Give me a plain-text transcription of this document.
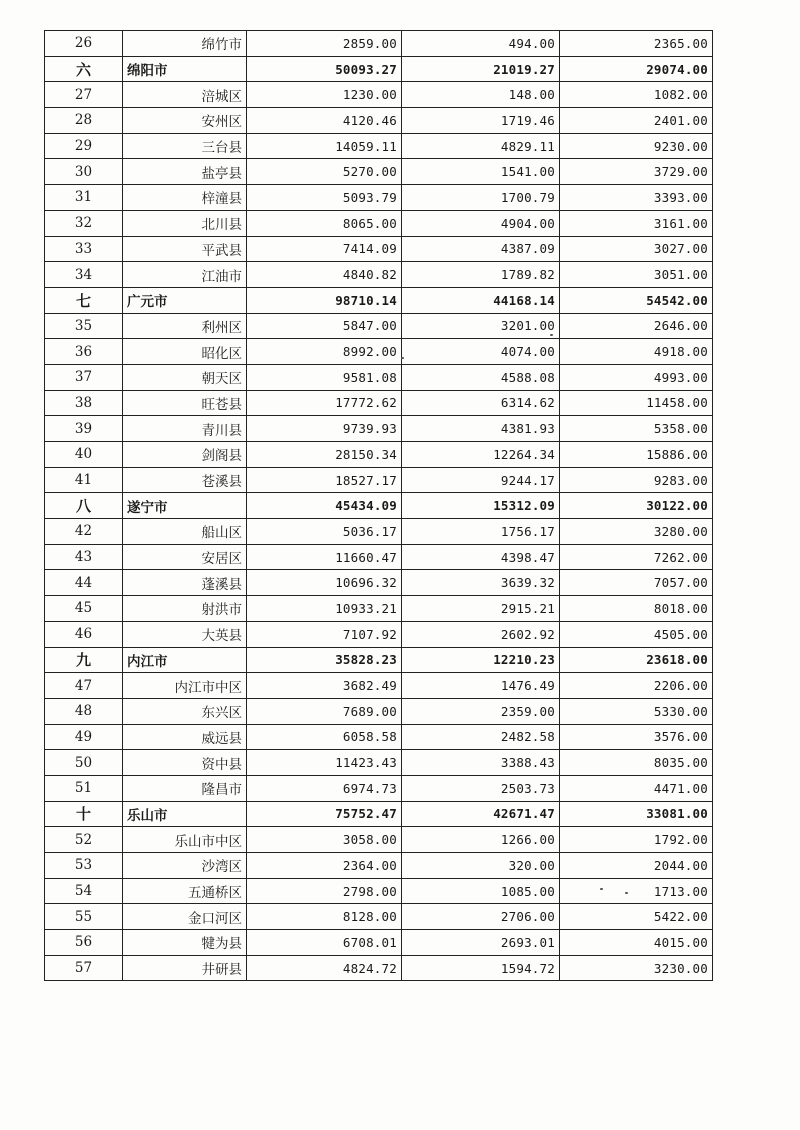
26	绵竹市	2859.00	494.00	2365.00
六	绵阳市	50093.27	21019.27	29074.00
27	涪城区	1230.00	148.00	1082.00
28	安州区	4120.46	1719.46	2401.00
29	三台县	14059.11	4829.11	9230.00
30	盐亭县	5270.00	1541.00	3729.00
31	梓潼县	5093.79	1700.79	3393.00
32	北川县	8065.00	4904.00	3161.00
33	平武县	7414.09	4387.09	3027.00
34	江油市	4840.82	1789.82	3051.00
七	广元市	98710.14	44168.14	54542.00
35	利州区	5847.00	3201.00	2646.00
36	昭化区	8992.00	4074.00	4918.00
37	朝天区	9581.08	4588.08	4993.00
38	旺苍县	17772.62	6314.62	11458.00
39	青川县	9739.93	4381.93	5358.00
40	剑阁县	28150.34	12264.34	15886.00
41	苍溪县	18527.17	9244.17	9283.00
八	遂宁市	45434.09	15312.09	30122.00
42	船山区	5036.17	1756.17	3280.00
43	安居区	11660.47	4398.47	7262.00
44	蓬溪县	10696.32	3639.32	7057.00
45	射洪市	10933.21	2915.21	8018.00
46	大英县	7107.92	2602.92	4505.00
九	内江市	35828.23	12210.23	23618.00
47	内江市中区	3682.49	1476.49	2206.00
48	东兴区	7689.00	2359.00	5330.00
49	威远县	6058.58	2482.58	3576.00
50	资中县	11423.43	3388.43	8035.00
51	隆昌市	6974.73	2503.73	4471.00
十	乐山市	75752.47	42671.47	33081.00
52	乐山市中区	3058.00	1266.00	1792.00
53	沙湾区	2364.00	320.00	2044.00
54	五通桥区	2798.00	1085.00	1713.00
55	金口河区	8128.00	2706.00	5422.00
56	犍为县	6708.01	2693.01	4015.00
57	井研县	4824.72	1594.72	3230.00
